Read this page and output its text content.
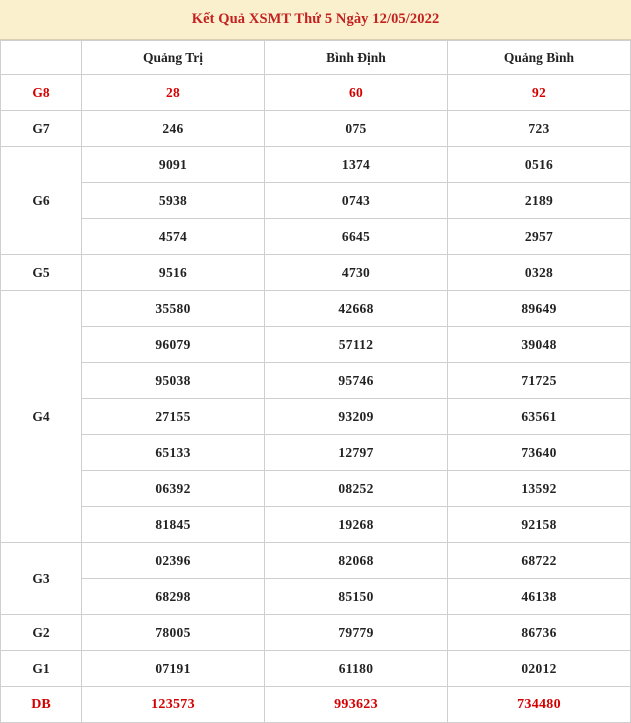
Kết Quả XSMT Thứ 5 Ngày 12/05/2022
	Quảng Trị	Bình Định	Quảng Bình
G8	28	60	92
G7	246	075	723
G6	9091	1374	0516
	5938	0743	2189
	4574	6645	2957
G5	9516	4730	0328
G4	35580	42668	89649
	96079	57112	39048
	95038	95746	71725
	27155	93209	63561
	65133	12797	73640
	06392	08252	13592
	81845	19268	92158
G3	02396	82068	68722
	68298	85150	46138
G2	78005	79779	86736
G1	07191	61180	02012
DB	123573	993623	734480
